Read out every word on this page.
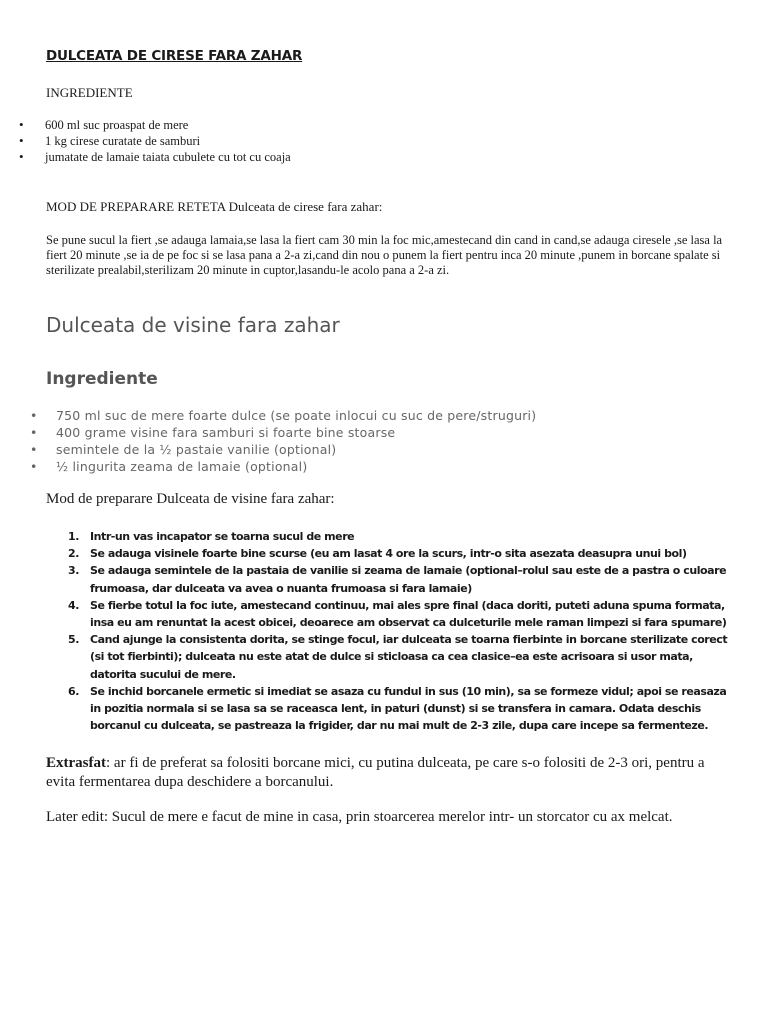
DULCEATA DE CIRESE FARA ZAHAR
INGREDIENTE
• 600 ml suc proaspat de mere
• 1 kg cirese curatate de samburi
• jumatate de lamaie taiata cubulete cu tot cu coaja
MOD DE PREPARARE RETETA Dulceata de cirese fara zahar:

Se pune sucul la fiert ,se adauga lamaia,se lasa la fiert cam 30 min la foc mic,amestecand din cand in cand,se adauga ciresele ,se lasa la fiert 20 minute ,se ia de pe foc si se lasa pana a 2-a zi,cand din nou o punem la fiert pentru inca 20 minute ,punem in borcane spalate si sterilizate prealabil,sterilizam 20 minute in cuptor,lasandu-le acolo pana a 2-a zi.

Dulceata de visine fara zahar
Ingrediente
• 750 ml suc de mere foarte dulce (se poate inlocui cu suc de pere/struguri)
• 400 grame visine fara samburi si foarte bine stoarse
• semintele de la ½ pastaie vanilie (optional)
• ½ lingurita zeama de lamaie (optional)
Mod de preparare Dulceata de visine fara zahar:
1. Intr-un vas incapator se toarna sucul de mere
2. Se adauga visinele foarte bine scurse (eu am lasat 4 ore la scurs, intr-o sita asezata deasupra unui bol)
3. Se adauga semintele de la pastaia de vanilie si zeama de lamaie (optional–rolul sau este de a pastra o culoare frumoasa, dar dulceata va avea o nuanta frumoasa si fara lamaie)
4. Se fierbe totul la foc iute, amestecand continuu, mai ales spre final (daca doriti, puteti aduna spuma formata, insa eu am renuntat la acest obicei, deoarece am observat ca dulceturile mele raman limpezi si fara spumare)
5. Cand ajunge la consistenta dorita, se stinge focul, iar dulceata se toarna fierbinte in borcane sterilizate corect (si tot fierbinti); dulceata nu este atat de dulce si sticloasa ca cea clasice–ea este acrisoara si usor mata, datorita sucului de mere.
6. Se inchid borcanele ermetic si imediat se asaza cu fundul in sus (10 min), sa se formeze vidul; apoi se reasaza in pozitia normala si se lasa sa se raceasca lent, in paturi (dunst) si se transfera in camara. Odata deschis borcanul cu dulceata, se pastreaza la frigider, dar nu mai mult de 2-3 zile, dupa care incepe sa fermenteze.

Extrasfat: ar fi de preferat sa folositi borcane mici, cu putina dulceata, pe care s-o folositi de 2-3 ori, pentru a evita fermentarea dupa deschidere a borcanului.

Later edit: Sucul de mere e facut de mine in casa, prin stoarcerea merelor intr- un storcator cu ax melcat.
